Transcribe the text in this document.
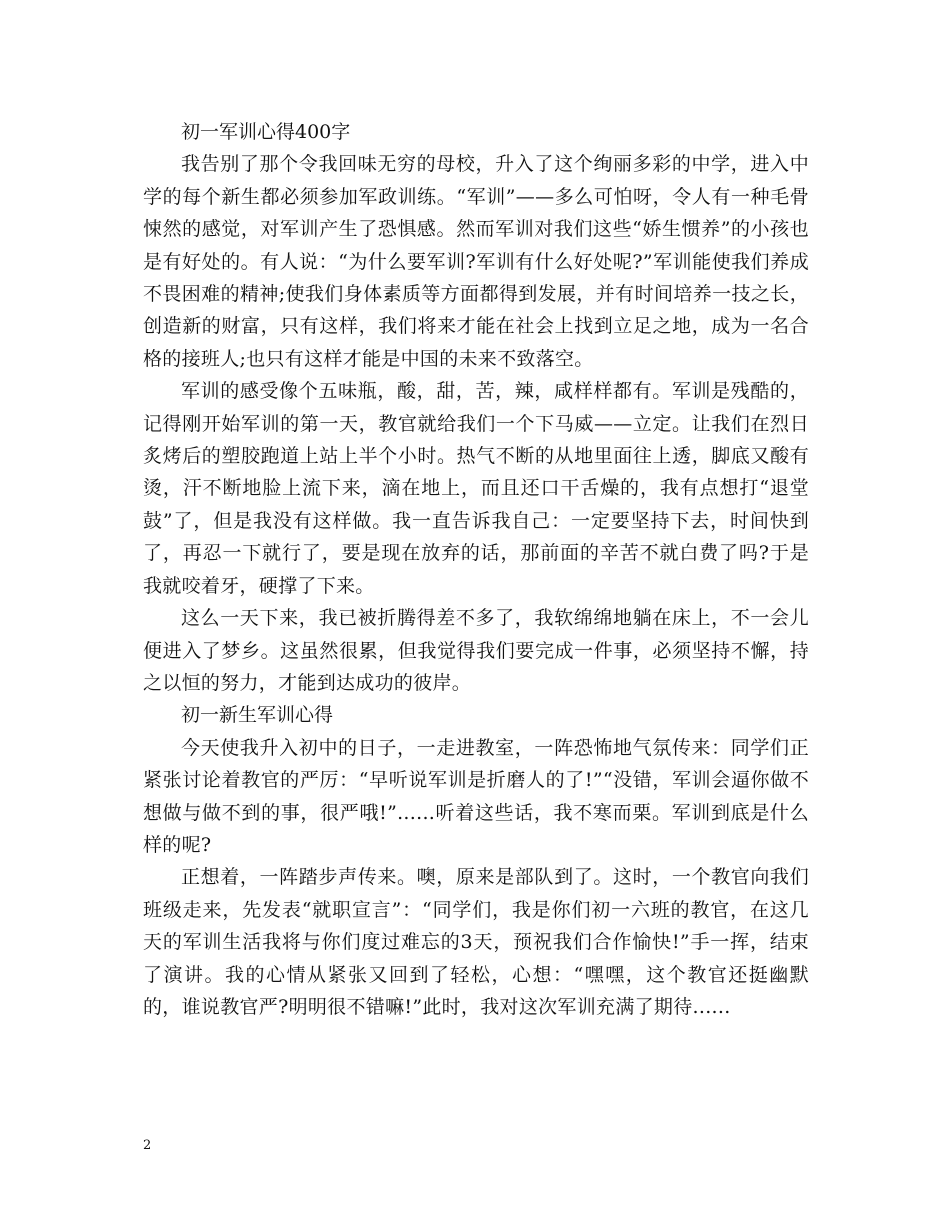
初一军训心得400字

我告别了那个令我回味无穷的母校，升入了这个绚丽多彩的中学，进入中学的每个新生都必须参加军政训练。“军训”——多么可怕呀，令人有一种毛骨悚然的感觉，对军训产生了恐惧感。然而军训对我们这些“娇生惯养”的小孩也是有好处的。有人说：“为什么要军训?军训有什么好处呢?”军训能使我们养成不畏困难的精神;使我们身体素质等方面都得到发展，并有时间培养一技之长，创造新的财富，只有这样，我们将来才能在社会上找到立足之地，成为一名合格的接班人;也只有这样才能是中国的未来不致落空。

军训的感受像个五味瓶，酸，甜，苦，辣，咸样样都有。军训是残酷的，记得刚开始军训的第一天，教官就给我们一个下马威——立定。让我们在烈日炙烤后的塑胶跑道上站上半个小时。热气不断的从地里面往上透，脚底又酸有烫，汗不断地脸上流下来，滴在地上，而且还口干舌燥的，我有点想打“退堂鼓”了，但是我没有这样做。我一直告诉我自己：一定要坚持下去，时间快到了，再忍一下就行了，要是现在放弃的话，那前面的辛苦不就白费了吗?于是我就咬着牙，硬撑了下来。

这么一天下来，我已被折腾得差不多了，我软绵绵地躺在床上，不一会儿便进入了梦乡。这虽然很累，但我觉得我们要完成一件事，必须坚持不懈，持之以恒的努力，才能到达成功的彼岸。

初一新生军训心得

今天使我升入初中的日子，一走进教室，一阵恐怖地气氛传来：同学们正紧张讨论着教官的严厉：“早听说军训是折磨人的了!”“没错，军训会逼你做不想做与做不到的事，很严哦!”......听着这些话，我不寒而栗。军训到底是什么样的呢?

正想着，一阵踏步声传来。噢，原来是部队到了。这时，一个教官向我们班级走来，先发表“就职宣言”：“同学们，我是你们初一六班的教官，在这几天的军训生活我将与你们度过难忘的3天，预祝我们合作愉快!”手一挥，结束了演讲。我的心情从紧张又回到了轻松，心想：“嘿嘿，这个教官还挺幽默的，谁说教官严?明明很不错嘛!”此时，我对这次军训充满了期待......

2
